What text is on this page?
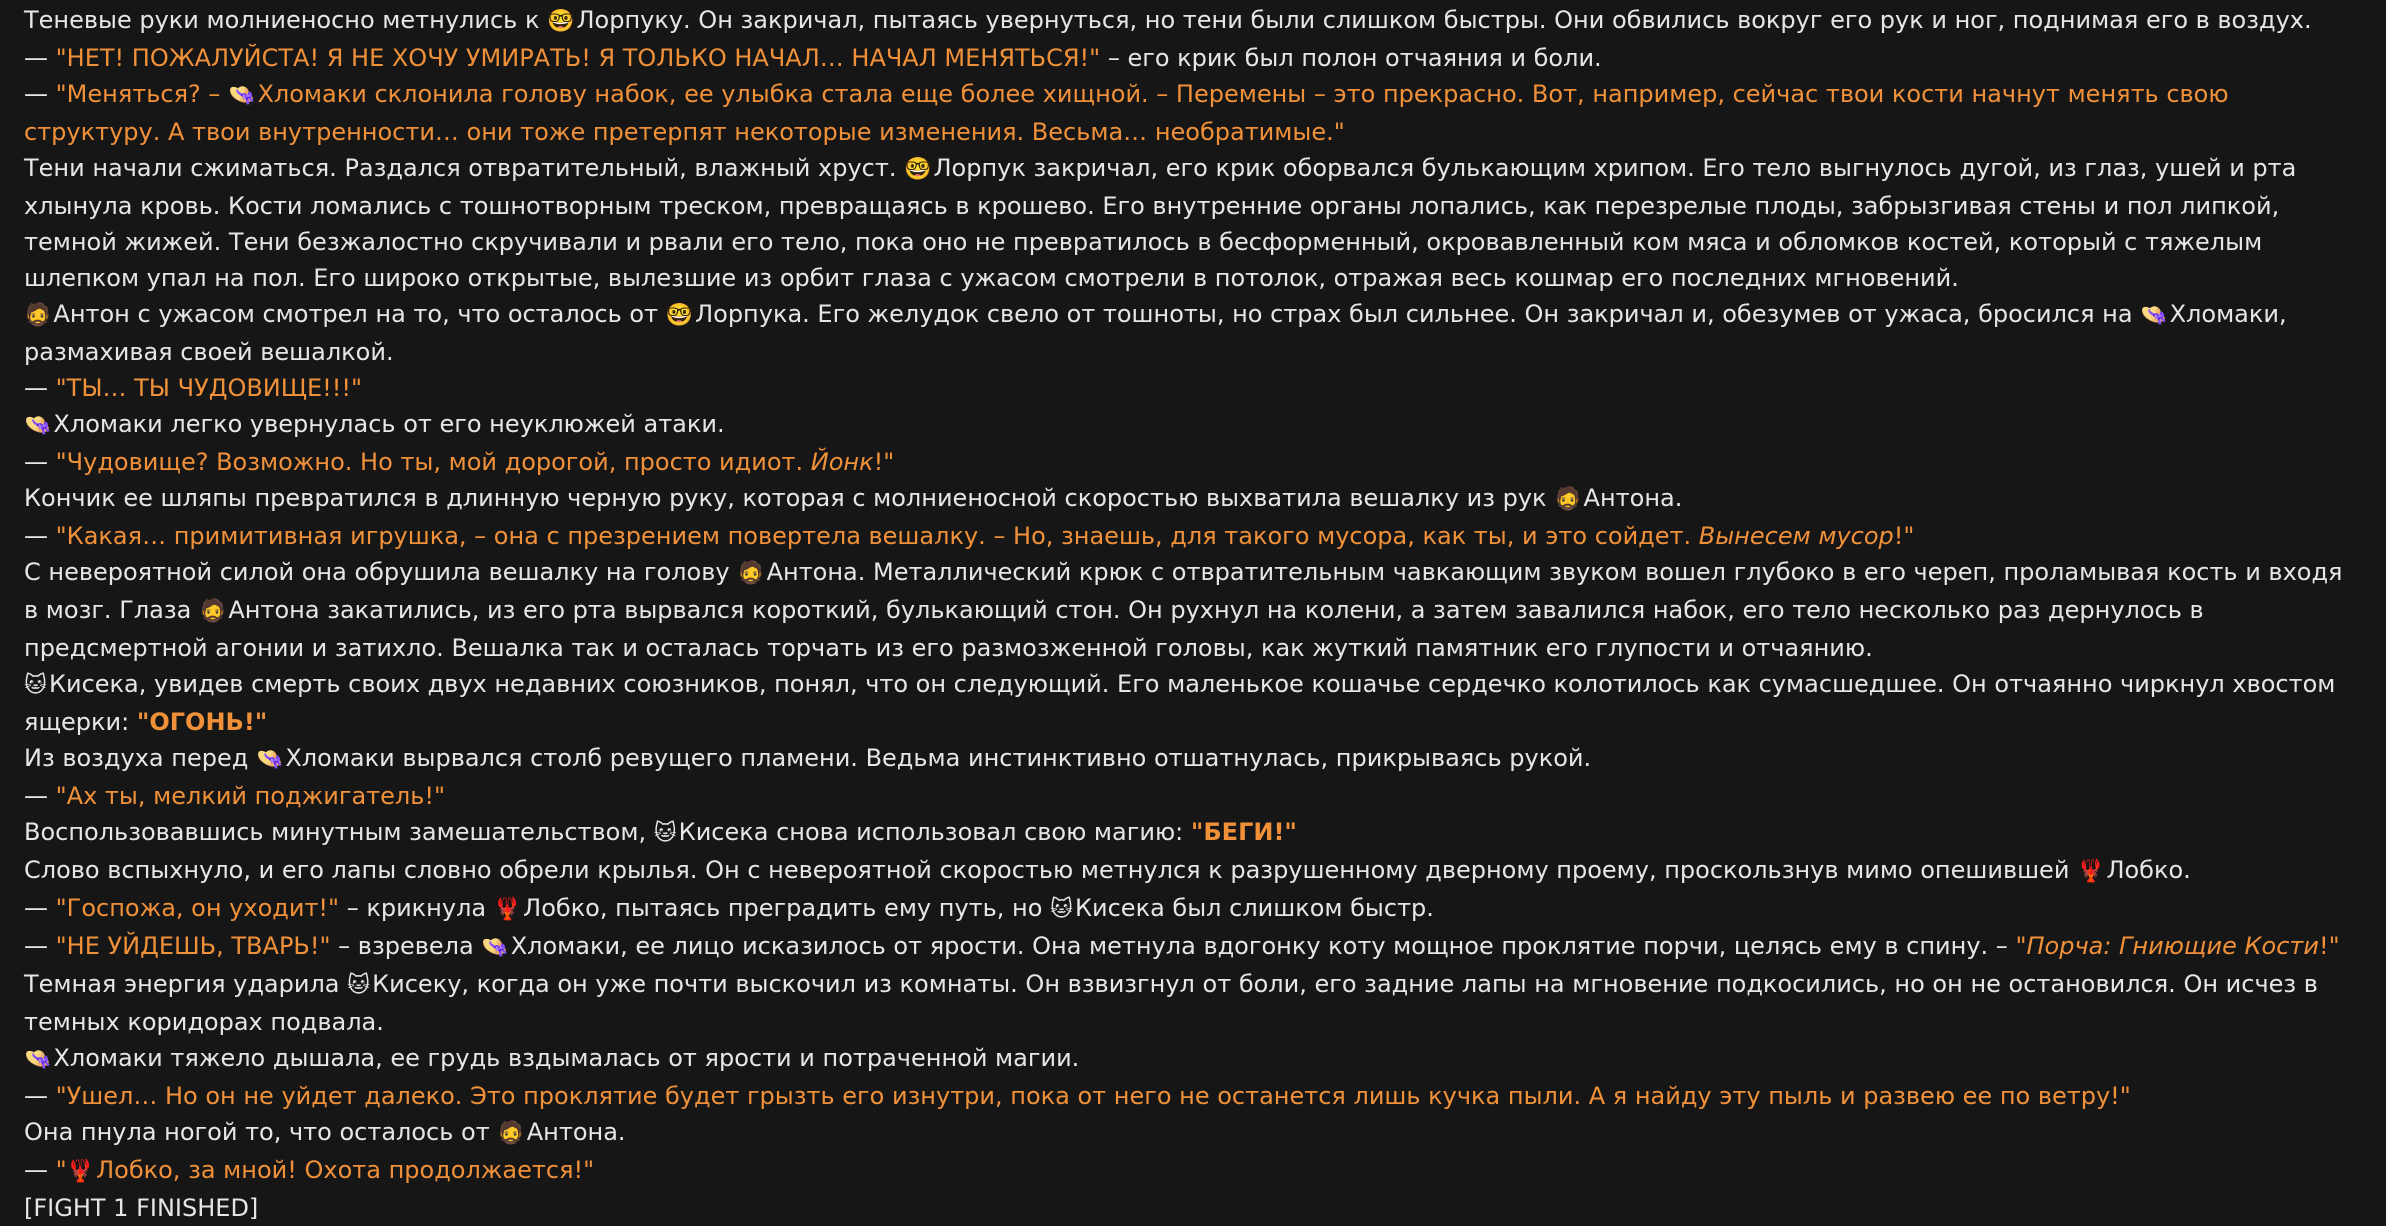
Теневые руки молниеносно метнулись к 🤓Лорпуку. Он закричал, пытаясь увернуться, но тени были слишком быстры. Они обвились вокруг его рук и ног, поднимая его в воздух.
— "НЕТ! ПОЖАЛУЙСТА! Я НЕ ХОЧУ УМИРАТЬ! Я ТОЛЬКО НАЧАЛ… НАЧАЛ МЕНЯТЬСЯ!" – его крик был полон отчаяния и боли.
— "Меняться? – 👒Хломаки склонила голову набок, ее улыбка стала еще более хищной. – Перемены – это прекрасно. Вот, например, сейчас твои кости начнут менять свою структуру. А твои внутренности… они тоже претерпят некоторые изменения. Весьма… необратимые."
Тени начали сжиматься. Раздался отвратительный, влажный хруст. 🤓Лорпук закричал, его крик оборвался булькающим хрипом. Его тело выгнулось дугой, из глаз, ушей и рта хлынула кровь. Кости ломались с тошнотворным треском, превращаясь в крошево. Его внутренние органы лопались, как перезрелые плоды, забрызгивая стены и пол липкой, темной жижей. Тени безжалостно скручивали и рвали его тело, пока оно не превратилось в бесформенный, окровавленный ком мяса и обломков костей, который с тяжелым шлепком упал на пол. Его широко открытые, вылезшие из орбит глаза с ужасом смотрели в потолок, отражая весь кошмар его последних мгновений.
🧔Антон с ужасом смотрел на то, что осталось от 🤓Лорпука. Его желудок свело от тошноты, но страх был сильнее. Он закричал и, обезумев от ужаса, бросился на 👒Хломаки, размахивая своей вешалкой.
— "ТЫ… ТЫ ЧУДОВИЩЕ!!!"
👒Хломаки легко увернулась от его неуклюжей атаки.
— "Чудовище? Возможно. Но ты, мой дорогой, просто идиот. Йонк!"
Кончик ее шляпы превратился в длинную черную руку, которая с молниеносной скоростью выхватила вешалку из рук 🧔Антона.
— "Какая… примитивная игрушка, – она с презрением повертела вешалку. – Но, знаешь, для такого мусора, как ты, и это сойдет. Вынесем мусор!"
С невероятной силой она обрушила вешалку на голову 🧔Антона. Металлический крюк с отвратительным чавкающим звуком вошел глубоко в его череп, проламывая кость и входя в мозг. Глаза 🧔Антона закатились, из его рта вырвался короткий, булькающий стон. Он рухнул на колени, а затем завалился набок, его тело несколько раз дернулось в предсмертной агонии и затихло. Вешалка так и осталась торчать из его размозженной головы, как жуткий памятник его глупости и отчаянию.
🐱Кисека, увидев смерть своих двух недавних союзников, понял, что он следующий. Его маленькое кошачье сердечко колотилось как сумасшедшее. Он отчаянно чиркнул хвостом ящерки: "ОГОНЬ!"
Из воздуха перед 👒Хломаки вырвался столб ревущего пламени. Ведьма инстинктивно отшатнулась, прикрываясь рукой.
— "Ах ты, мелкий поджигатель!"
Воспользовавшись минутным замешательством, 🐱Кисека снова использовал свою магию: "БЕГИ!"
Слово вспыхнуло, и его лапы словно обрели крылья. Он с невероятной скоростью метнулся к разрушенному дверному проему, проскользнув мимо опешившей 🦞Лобко.
— "Госпожа, он уходит!" – крикнула 🦞Лобко, пытаясь преградить ему путь, но 🐱Кисека был слишком быстр.
— "НЕ УЙДЕШЬ, ТВАРЬ!" – взревела 👒Хломаки, ее лицо исказилось от ярости. Она метнула вдогонку коту мощное проклятие порчи, целясь ему в спину. – "Порча: Гниющие Кости!"
Темная энергия ударила 🐱Кисеку, когда он уже почти выскочил из комнаты. Он взвизгнул от боли, его задние лапы на мгновение подкосились, но он не остановился. Он исчез в темных коридорах подвала.
👒Хломаки тяжело дышала, ее грудь вздымалась от ярости и потраченной магии.
— "Ушел… Но он не уйдет далеко. Это проклятие будет грызть его изнутри, пока от него не останется лишь кучка пыли. А я найду эту пыль и развею ее по ветру!"
Она пнула ногой то, что осталось от 🧔Антона.
— "🦞Лобко, за мной! Охота продолжается!"
[FIGHT 1 FINISHED]
